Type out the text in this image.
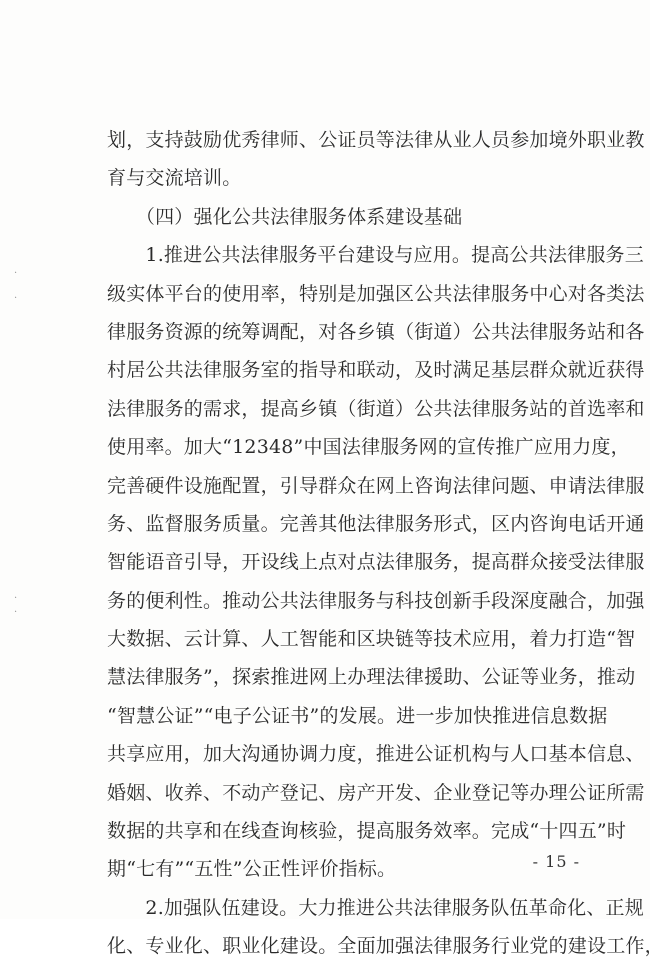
·
·
·
·
划，支持鼓励优秀律师、公证员等法律从业人员参加境外职业教
育与交流培训。
　　（四）强化公共法律服务体系建设基础
　　1.推进公共法律服务平台建设与应用。提高公共法律服务三
级实体平台的使用率，特别是加强区公共法律服务中心对各类法
律服务资源的统筹调配，对各乡镇（街道）公共法律服务站和各
村居公共法律服务室的指导和联动，及时满足基层群众就近获得
法律服务的需求，提高乡镇（街道）公共法律服务站的首选率和
使用率。加大“12348”中国法律服务网的宣传推广应用力度，
完善硬件设施配置，引导群众在网上咨询法律问题、申请法律服
务、监督服务质量。完善其他法律服务形式，区内咨询电话开通
智能语音引导，开设线上点对点法律服务，提高群众接受法律服
务的便利性。推动公共法律服务与科技创新手段深度融合，加强
大数据、云计算、人工智能和区块链等技术应用，着力打造“智
慧法律服务”，探索推进网上办理法律援助、公证等业务，推动
“智慧公证”“电子公证书”的发展。进一步加快推进信息数据
共享应用，加大沟通协调力度，推进公证机构与人口基本信息、
婚姻、收养、不动产登记、房产开发、企业登记等办理公证所需
数据的共享和在线查询核验，提高服务效率。完成“十四五”时
期“七有”“五性”公正性评价指标。
　　2.加强队伍建设。大力推进公共法律服务队伍革命化、正规
化、专业化、职业化建设。全面加强法律服务行业党的建设工作，
- 15 -
